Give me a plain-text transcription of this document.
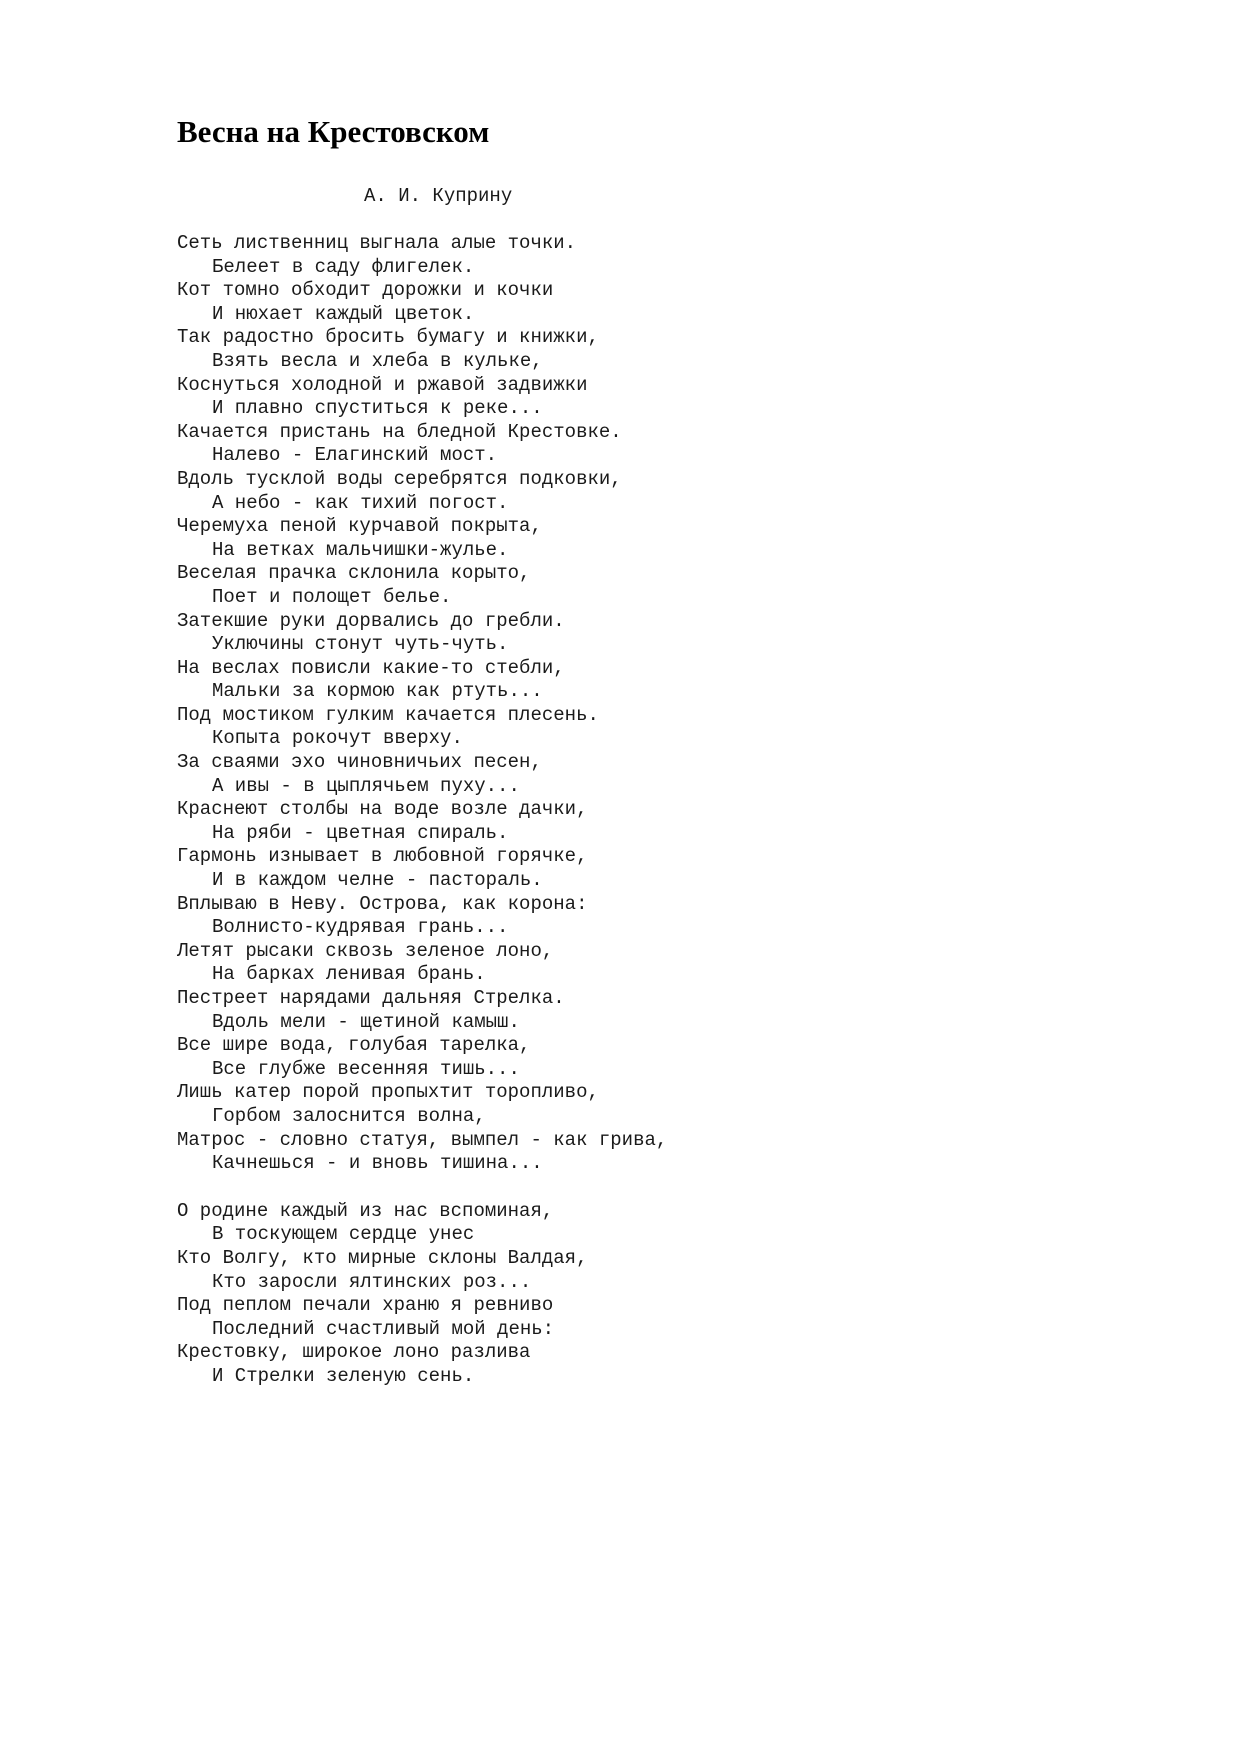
Весна на Крестовском
А. И. Куприну
Сеть лиственниц выгнала алые точки.
Белеет в саду флигелек.
Кот томно обходит дорожки и кочки
И нюхает каждый цветок.
Так радостно бросить бумагу и книжки,
Взять весла и хлеба в кульке,
Коснуться холодной и ржавой задвижки
И плавно спуститься к реке...
Качается пристань на бледной Крестовке.
Налево - Елагинский мост.
Вдоль тусклой воды серебрятся подковки,
А небо - как тихий погост.
Черемуха пеной курчавой покрыта,
На ветках мальчишки-жулье.
Веселая прачка склонила корыто,
Поет и полощет белье.
Затекшие руки дорвались до гребли.
Уключины стонут чуть-чуть.
На веслах повисли какие-то стебли,
Мальки за кормою как ртуть...
Под мостиком гулким качается плесень.
Копыта рокочут вверху.
За сваями эхо чиновничьих песен,
А ивы - в цыплячьем пуху...
Краснеют столбы на воде возле дачки,
На ряби - цветная спираль.
Гармонь изнывает в любовной горячке,
И в каждом челне - пастораль.
Вплываю в Неву. Острова, как корона:
Волнисто-кудрявая грань...
Летят рысаки сквозь зеленое лоно,
На барках ленивая брань.
Пестреет нарядами дальняя Стрелка.
Вдоль мели - щетиной камыш.
Все шире вода, голубая тарелка,
Все глубже весенняя тишь...
Лишь катер порой пропыхтит торопливо,
Горбом залоснится волна,
Матрос - словно статуя, вымпел - как грива,
Качнешься - и вновь тишина...
О родине каждый из нас вспоминая,
В тоскующем сердце унес
Кто Волгу, кто мирные склоны Валдая,
Кто заросли ялтинских роз...
Под пеплом печали храню я ревниво
Последний счастливый мой день:
Крестовку, широкое лоно разлива
И Стрелки зеленую сень.
